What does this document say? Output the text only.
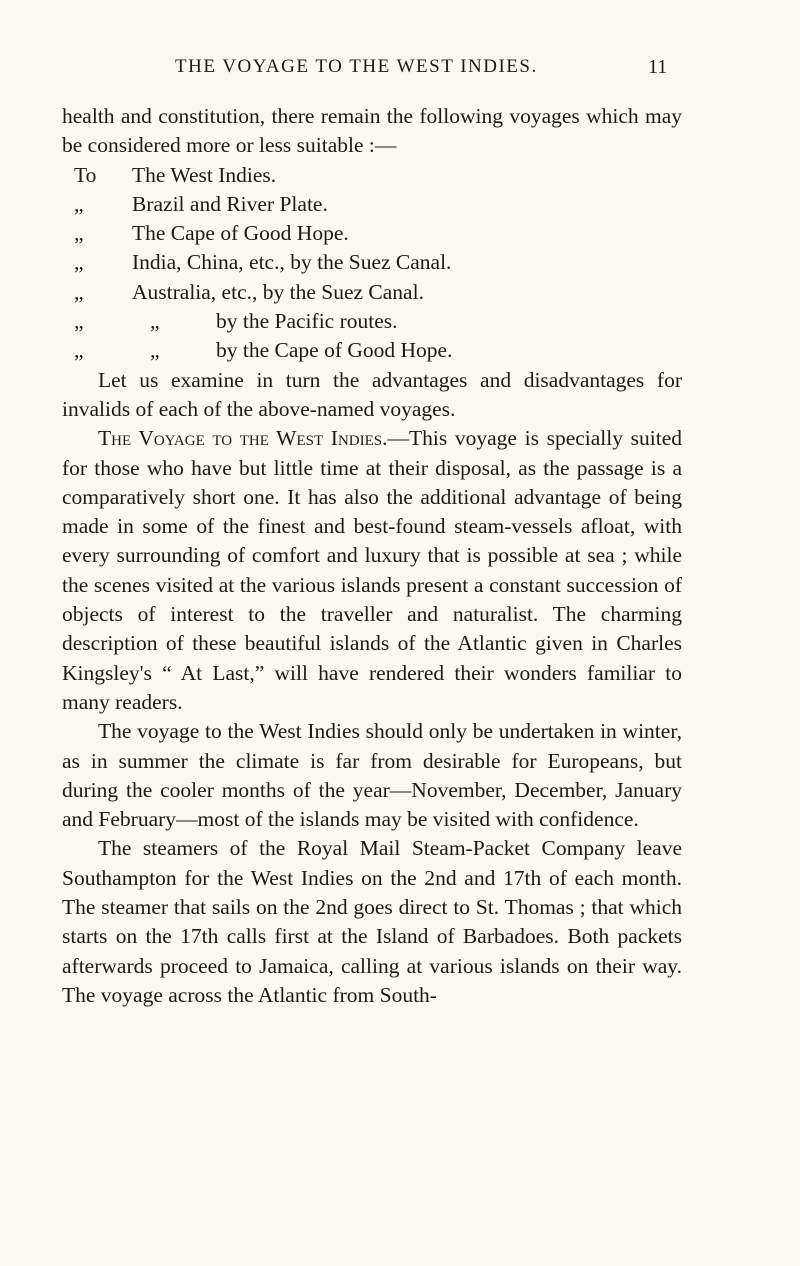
THE VOYAGE TO THE WEST INDIES.	11

health and constitution, there remain the following voyages which may be considered more or less suitable :—

To	The West Indies.
„	Brazil and River Plate.
„	The Cape of Good Hope.
„	India, China, etc., by the Suez Canal.
„	Australia, etc., by the Suez Canal.
„	„	by the Pacific routes.
„	„	by the Cape of Good Hope.

Let us examine in turn the advantages and disadvantages for invalids of each of the above-named voyages.

The Voyage to the West Indies.—This voyage is specially suited for those who have but little time at their disposal, as the passage is a comparatively short one. It has also the additional advantage of being made in some of the finest and best-found steam-vessels afloat, with every surrounding of comfort and luxury that is possible at sea ; while the scenes visited at the various islands present a constant succession of objects of interest to the traveller and naturalist. The charming description of these beautiful islands of the Atlantic given in Charles Kingsley's “ At Last,” will have rendered their wonders familiar to many readers.

The voyage to the West Indies should only be undertaken in winter, as in summer the climate is far from desirable for Europeans, but during the cooler months of the year—November, December, January and February—most of the islands may be visited with confidence.

The steamers of the Royal Mail Steam-Packet Company leave Southampton for the West Indies on the 2nd and 17th of each month. The steamer that sails on the 2nd goes direct to St. Thomas ; that which starts on the 17th calls first at the Island of Barbadoes. Both packets afterwards proceed to Jamaica, calling at various islands on their way. The voyage across the Atlantic from South-
